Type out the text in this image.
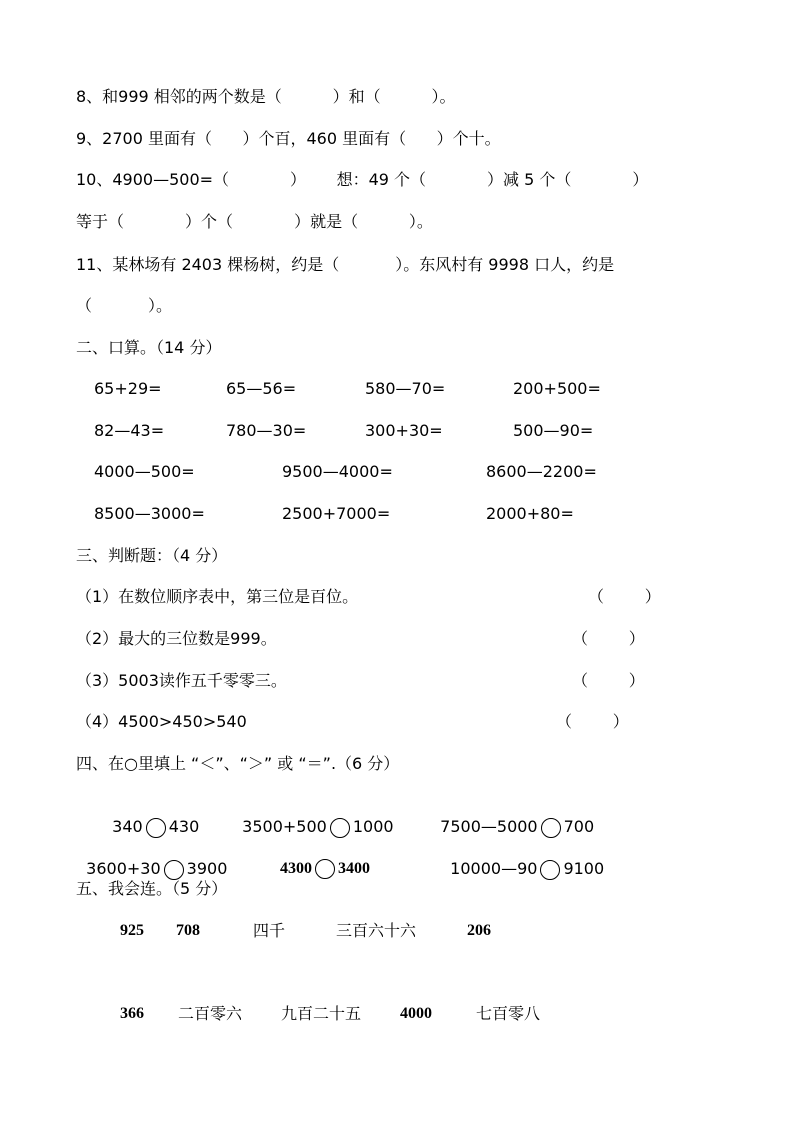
8、和999 相邻的两个数是（          ）和（          ）。
9、2700 里面有（      ）个百，460 里面有（      ）个十。
10、4900—500=（            ）      想：49 个（            ）减 5 个（            ）
等于（            ）个（            ）就是（          ）。
11、某林场有 2403 棵杨树，约是（           ）。东风村有 9998 口人，约是
（           ）。
二、口算。（14 分）
65+29=	65—56=	580—70=	200+500=
82—43=	780—30=	300+30=	500—90=
4000—500=	9500—4000=	8600—2200=
8500—3000=	2500+7000=	2000+80=
三、判断题：（4 分）
（1）在数位顺序表中，第三位是百位。	（        ）
（2）最大的三位数是999。	（        ）
（3）5003读作五千零零三。	（        ）
（4）4500>450>540	（        ）
四、在○里填上 “＜”、“＞” 或 “＝”.（6 分）

340 430	3500+500 1000	7500—5000 700

3600+30 3900	4300 3400	10000—90 9100

五、我会连。（5 分）
925 708	四千	三百六十六	206
366 二百零六 九百二十五 4000	七百零八
